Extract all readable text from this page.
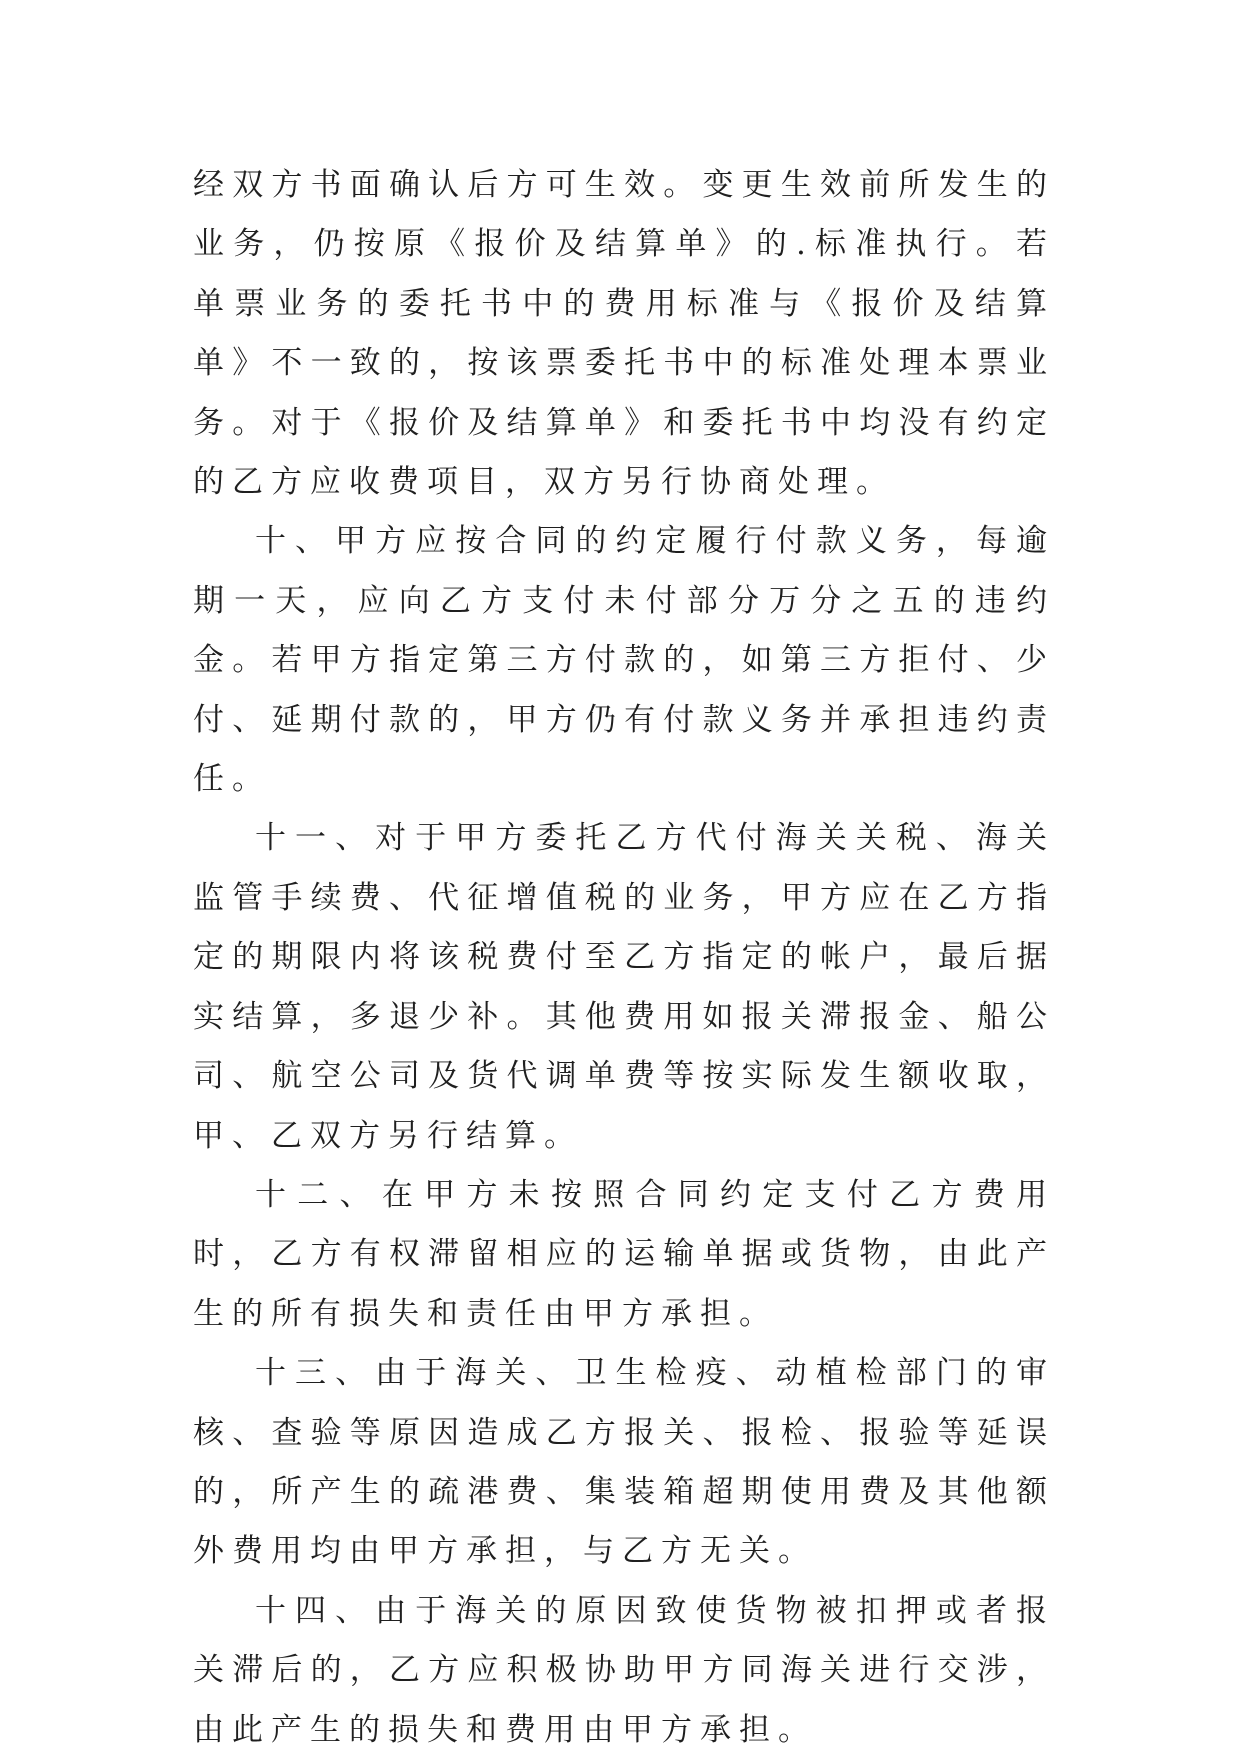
经双方书面确认后方可生效。变更生效前所发生的业务，仍按原《报价及结算单》的.标准执行。若单票业务的委托书中的费用标准与《报价及结算单》不一致的，按该票委托书中的标准处理本票业务。对于《报价及结算单》和委托书中均没有约定的乙方应收费项目，双方另行协商处理。

十、甲方应按合同的约定履行付款义务，每逾期一天，应向乙方支付未付部分万分之五的违约金。若甲方指定第三方付款的，如第三方拒付、少付、延期付款的，甲方仍有付款义务并承担违约责任。

十一、对于甲方委托乙方代付海关关税、海关监管手续费、代征增值税的业务，甲方应在乙方指定的期限内将该税费付至乙方指定的帐户，最后据实结算，多退少补。其他费用如报关滞报金、船公司、航空公司及货代调单费等按实际发生额收取，甲、乙双方另行结算。

十二、在甲方未按照合同约定支付乙方费用时，乙方有权滞留相应的运输单据或货物，由此产生的所有损失和责任由甲方承担。

十三、由于海关、卫生检疫、动植检部门的审核、查验等原因造成乙方报关、报检、报验等延误的，所产生的疏港费、集装箱超期使用费及其他额外费用均由甲方承担，与乙方无关。

十四、由于海关的原因致使货物被扣押或者报关滞后的，乙方应积极协助甲方同海关进行交涉，由此产生的损失和费用由甲方承担。
